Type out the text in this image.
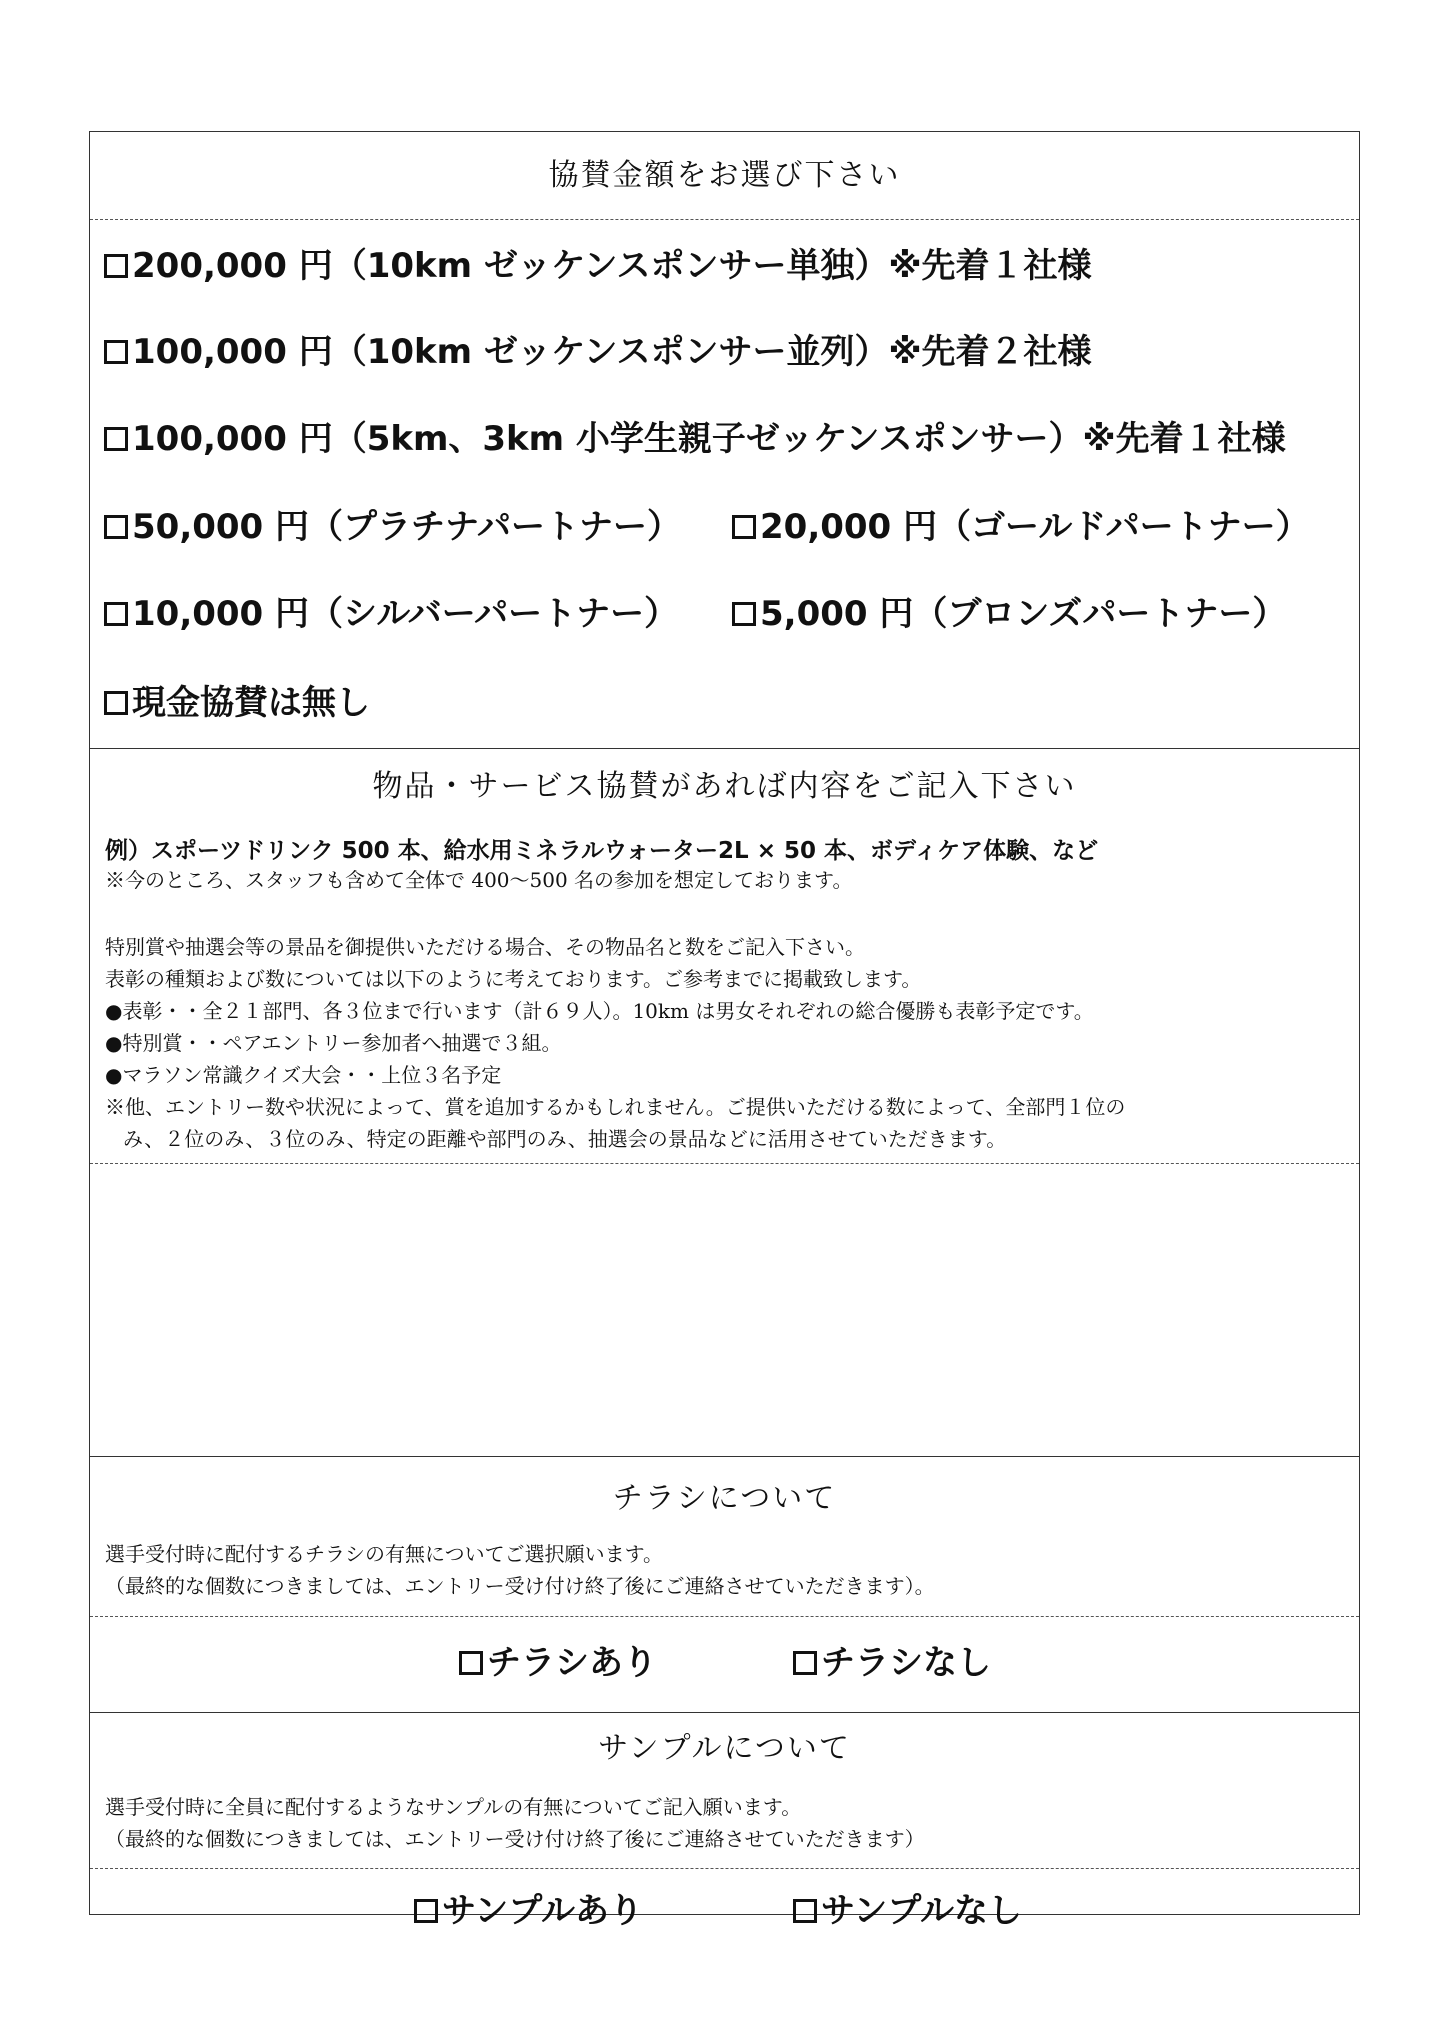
協賛金額をお選び下さい
200,000 円（10km ゼッケンスポンサー単独）※先着１社様
100,000 円（10km ゼッケンスポンサー並列）※先着２社様
100,000 円（5km、3km 小学生親子ゼッケンスポンサー）※先着１社様
50,000 円（プラチナパートナー） 20,000 円（ゴールドパートナー）
10,000 円（シルバーパートナー） 5,000 円（ブロンズパートナー）
現金協賛は無し
物品・サービス協賛があれば内容をご記入下さい
例）スポーツドリンク 500 本、給水用ミネラルウォーター2L × 50 本、ボディケア体験、など
※今のところ、スタッフも含めて全体で 400〜500 名の参加を想定しております。
特別賞や抽選会等の景品を御提供いただける場合、その物品名と数をご記入下さい。
表彰の種類および数については以下のように考えております。ご参考までに掲載致します。
●表彰・・全２１部門、各３位まで行います（計６９人）。10km は男女それぞれの総合優勝も表彰予定です。
●特別賞・・ペアエントリー参加者へ抽選で３組。
●マラソン常識クイズ大会・・上位３名予定
※他、エントリー数や状況によって、賞を追加するかもしれません。ご提供いただける数によって、全部門１位の
み、２位のみ、３位のみ、特定の距離や部門のみ、抽選会の景品などに活用させていただきます。
チラシについて
選手受付時に配付するチラシの有無についてご選択願います。
（最終的な個数につきましては、エントリー受け付け終了後にご連絡させていただきます）。
チラシあり	チラシなし
サンプルについて
選手受付時に全員に配付するようなサンプルの有無についてご記入願います。
（最終的な個数につきましては、エントリー受け付け終了後にご連絡させていただきます）
サンプルあり	サンプルなし
